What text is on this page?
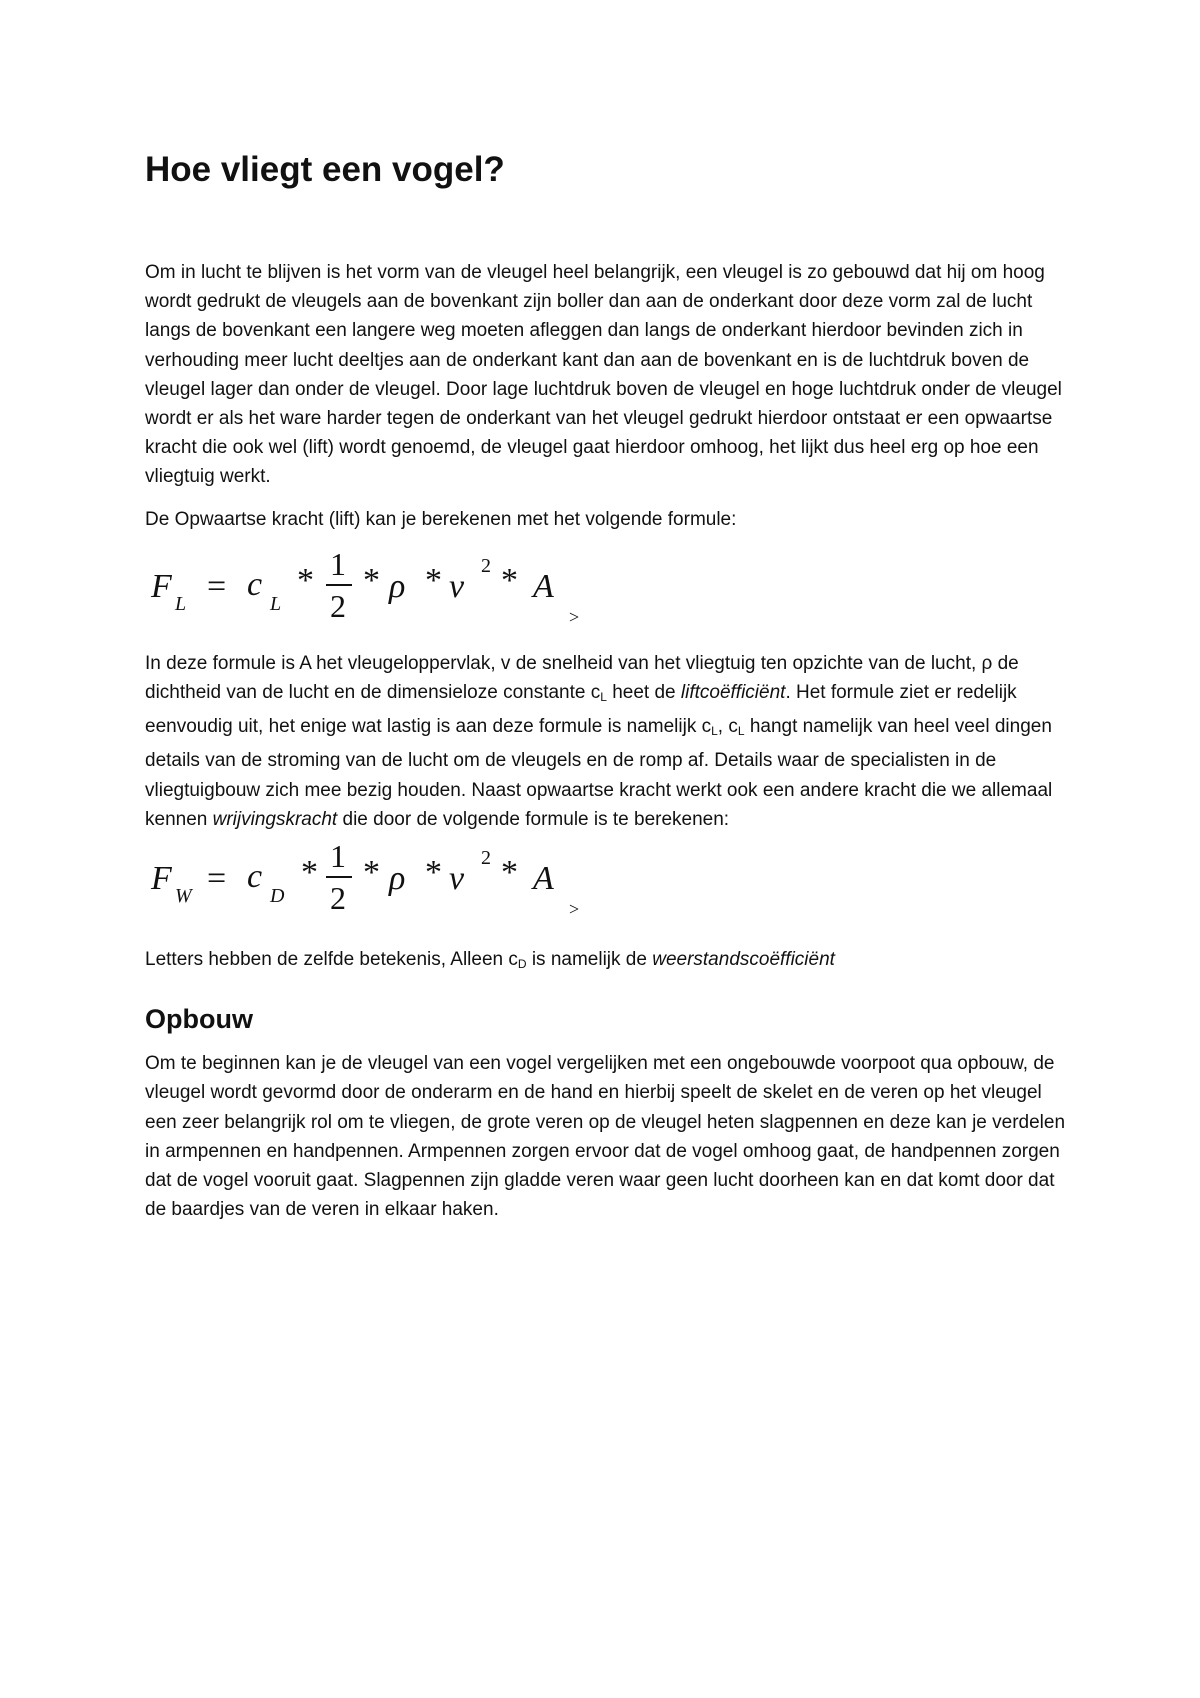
Hoe vliegt een vogel?

Om in lucht te blijven is het vorm van de vleugel heel belangrijk, een vleugel is zo gebouwd dat hij om hoog wordt gedrukt de vleugels aan de bovenkant zijn boller dan aan de onderkant door deze vorm zal de lucht langs de bovenkant een langere weg moeten afleggen dan langs de onderkant hierdoor bevinden zich in verhouding meer lucht deeltjes aan de onderkant kant dan aan de bovenkant en is de luchtdruk boven de vleugel lager dan onder de vleugel. Door lage luchtdruk boven de vleugel en hoge luchtdruk onder de vleugel wordt er als het ware harder tegen de onderkant van het vleugel gedrukt hierdoor ontstaat er een opwaartse kracht die ook wel (lift) wordt genoemd, de vleugel gaat hierdoor omhoog, het lijkt dus heel erg op hoe een vliegtuig werkt.

De Opwaartse kracht (lift) kan je berekenen met het volgende formule:

F L = c
L
* 1
2
* ρ * v
2 * A
>

In deze formule is A het vleugeloppervlak, v de snelheid van het vliegtuig ten opzichte van de lucht, ρ de dichtheid van de lucht en de dimensieloze constante cL heet de liftcoëfficiënt. Het formule ziet er redelijk eenvoudig uit, het enige wat lastig is aan deze formule is namelijk cL, cL hangt namelijk van heel veel dingen details van de stroming van de lucht om de vleugels en de romp af. Details waar de specialisten in de vliegtuigbouw zich mee bezig houden. Naast opwaartse kracht werkt ook een andere kracht die we allemaal kennen wrijvingskracht die door de volgende formule is te berekenen:

F W = c
D
* 1
2
* ρ * v
2 * A
>

Letters hebben de zelfde betekenis, Alleen cD is namelijk de weerstandscoëfficiënt

Opbouw

Om te beginnen kan je de vleugel van een vogel vergelijken met een ongebouwde voorpoot qua opbouw, de vleugel wordt gevormd door de onderarm en de hand en hierbij speelt de skelet en de veren op het vleugel een zeer belangrijk rol om te vliegen, de grote veren op de vleugel heten slagpennen en deze kan je verdelen in armpennen en handpennen. Armpennen zorgen ervoor dat de vogel omhoog gaat, de handpennen zorgen dat de vogel vooruit gaat. Slagpennen zijn gladde veren waar geen lucht doorheen kan en dat komt door dat de baardjes van de veren in elkaar haken.
